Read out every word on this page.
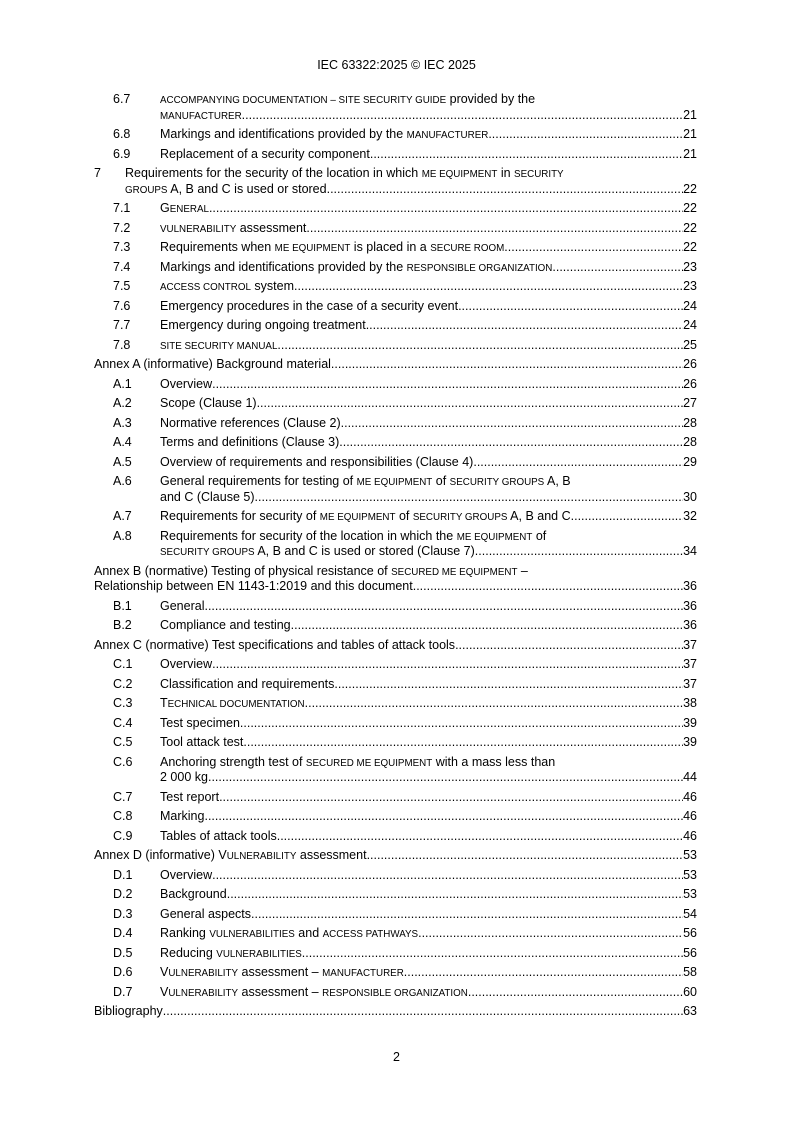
IEC 63322:2025 © IEC 2025
6.7	ACCOMPANYING DOCUMENTATION – SITE SECURITY GUIDE provided by the
MANUFACTURER .....	21
6.8 Markings and identifications provided by the MANUFACTURER .....	21
6.9 Replacement of a security component .....	21
7 Requirements for the security of the location in which ME EQUIPMENT in SECURITY
GROUPS A, B and C is used or stored .....	22
7.1 GENERAL .....	22
7.2	VULNERABILITY assessment .....	22
7.3 Requirements when ME EQUIPMENT is placed in a SECURE ROOM .....	22
7.4 Markings and identifications provided by the RESPONSIBLE ORGANIZATION .....	23
7.5	ACCESS CONTROL system .....	23
7.6 Emergency procedures in the case of a security event .....	24
7.7 Emergency during ongoing treatment .....	24
7.8	SITE SECURITY MANUAL .....	25
Annex A (informative) Background material .....	26
A.1 Overview .....	26
A.2 Scope (Clause 1) .....	27
A.3 Normative references (Clause 2) .....	28
A.4 Terms and definitions (Clause 3) .....	28
A.5 Overview of requirements and responsibilities (Clause 4) .....	29
A.6 General requirements for testing of ME EQUIPMENT of SECURITY GROUPS A, B
and C (Clause 5) .....	30
A.7 Requirements for security of ME EQUIPMENT of SECURITY GROUPS A, B and C .....	32
A.8 Requirements for security of the location in which the ME EQUIPMENT of
SECURITY GROUPS A, B and C is used or stored (Clause 7) .....	34
Annex B (normative) Testing of physical resistance of SECURED ME EQUIPMENT –
Relationship between EN 1143-1:2019 and this document .....	36
B.1 General .....	36
B.2 Compliance and testing .....	36
Annex C (normative) Test specifications and tables of attack tools .....	37
C.1 Overview .....	37
C.2 Classification and requirements .....	37
C.3 TECHNICAL DOCUMENTATION .....	38
C.4 Test specimen .....	39
C.5 Tool attack test .....	39
C.6 Anchoring strength test of SECURED ME EQUIPMENT with a mass less than
2 000 kg .....	44
C.7 Test report .....	46
C.8 Marking .....	46
C.9 Tables of attack tools .....	46
Annex D (informative) VULNERABILITY assessment .....	53
D.1 Overview .....	53
D.2 Background .....	53
D.3 General aspects .....	54
D.4 Ranking VULNERABILITIES and ACCESS PATHWAYS .....	56
D.5 Reducing VULNERABILITIES .....	56
D.6 VULNERABILITY assessment – MANUFACTURER .....	58
D.7 VULNERABILITY assessment – RESPONSIBLE ORGANIZATION .....	60
Bibliography .....	63
2
